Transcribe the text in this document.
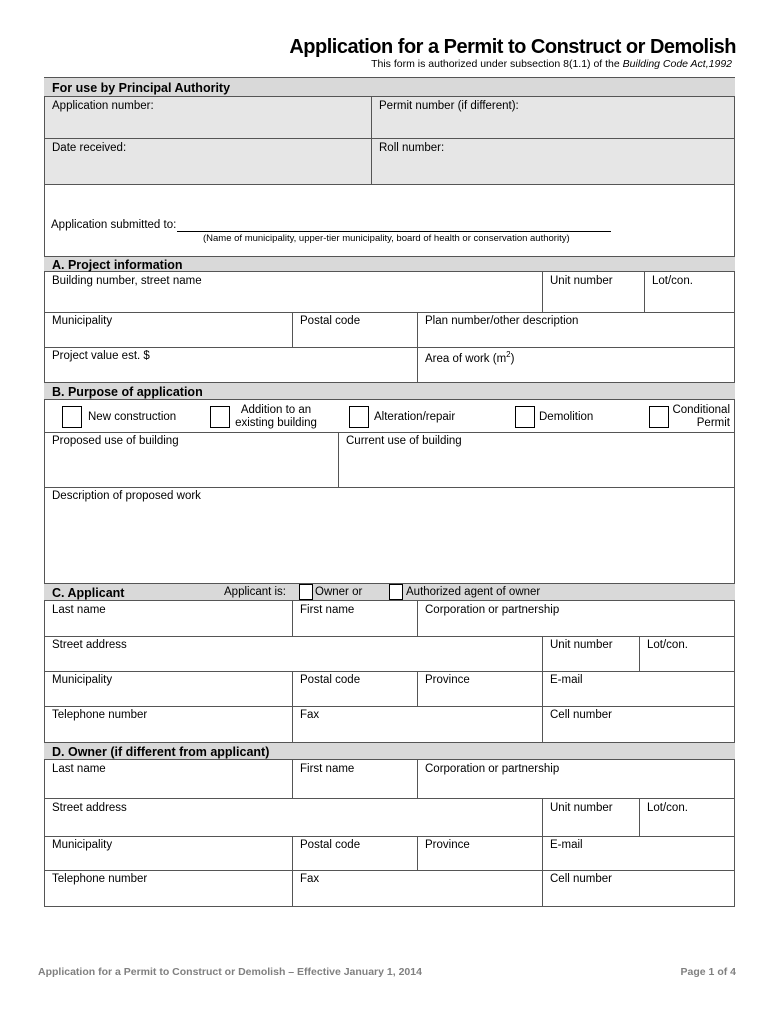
Application for a Permit to Construct or Demolish
This form is authorized under subsection 8(1.1) of the Building Code Act,1992
For use by Principal Authority
Application number:	Permit number (if different):
Date received:	Roll number:
Application submitted to:
(Name of municipality, upper-tier municipality, board of health or conservation authority)
A. Project information
Building number, street name	Unit number	Lot/con.
Municipality	Postal code	Plan number/other description
Project value est. $	Area of work $(m^2)$
B. Purpose of application
New construction
Addition to an
existing building	Alteration/repair	Demolition
Conditional
Permit
Proposed use of building	Current use of building
Description of proposed work
C. Applicant	Applicant is:	Owner or	Authorized agent of owner
Last name	First name	Corporation or partnership
Street address	Unit number	Lot/con.
Municipality	Postal code	Province	E-mail
Telephone number	Fax	Cell number
D. Owner (if different from applicant)
Last name	First name	Corporation or partnership
Street address	Unit number	Lot/con.
Municipality	Postal code	Province	E-mail
Telephone number	Fax	Cell number
Application for a Permit to Construct or Demolish – Effective January 1, 2014	Page 1 of 4
